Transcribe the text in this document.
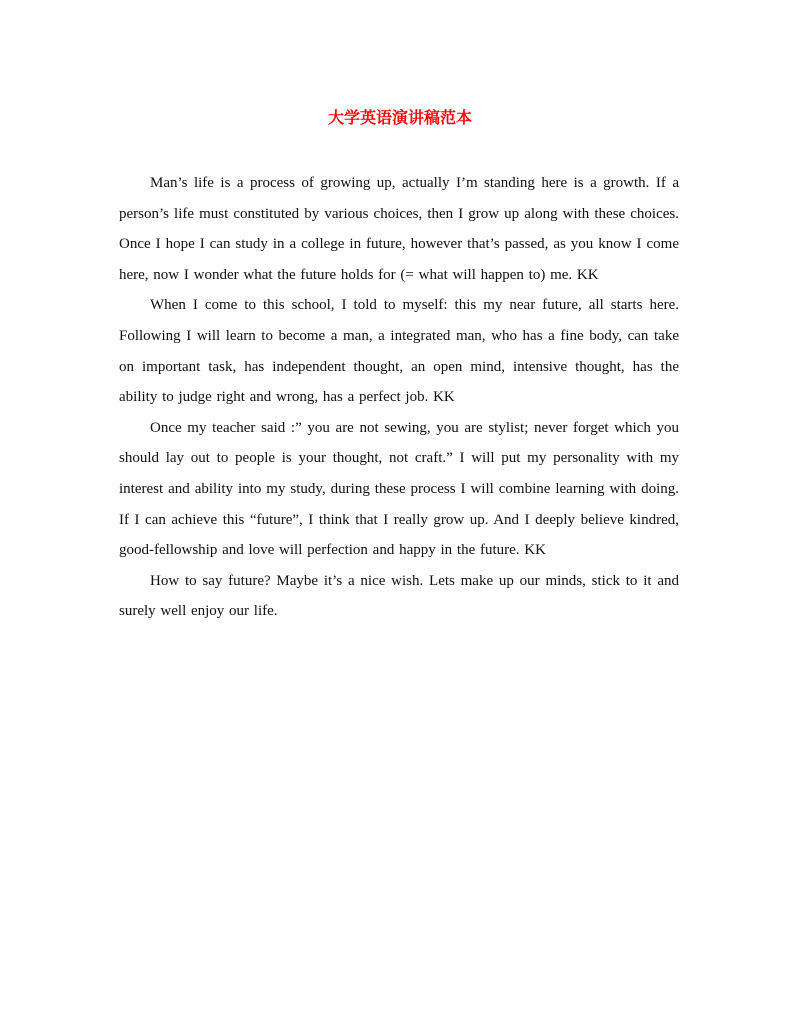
大学英语演讲稿范本

Man’s life is a process of growing up, actually I’m standing here is a growth. If a person’s life must constituted by various choices, then I grow up along with these choices. Once I hope I can study in a college in future, however that’s passed, as you know I come here, now I wonder what the future holds for (= what will happen to) me. KK

When I come to this school, I told to myself: this my near future, all starts here. Following I will learn to become a man, a integrated man, who has a fine body, can take on important task, has independent thought, an open mind, intensive thought, has the ability to judge right and wrong, has a perfect job. KK

Once my teacher said :” you are not sewing, you are stylist; never forget which you should lay out to people is your thought, not craft.” I will put my personality with my interest and ability into my study, during these process I will combine learning with doing. If I can achieve this “future”, I think that I really grow up. And I deeply believe kindred, good-fellowship and love will perfection and happy in the future. KK

How to say future? Maybe it’s a nice wish. Lets make up our minds, stick to it and surely well enjoy our life.
